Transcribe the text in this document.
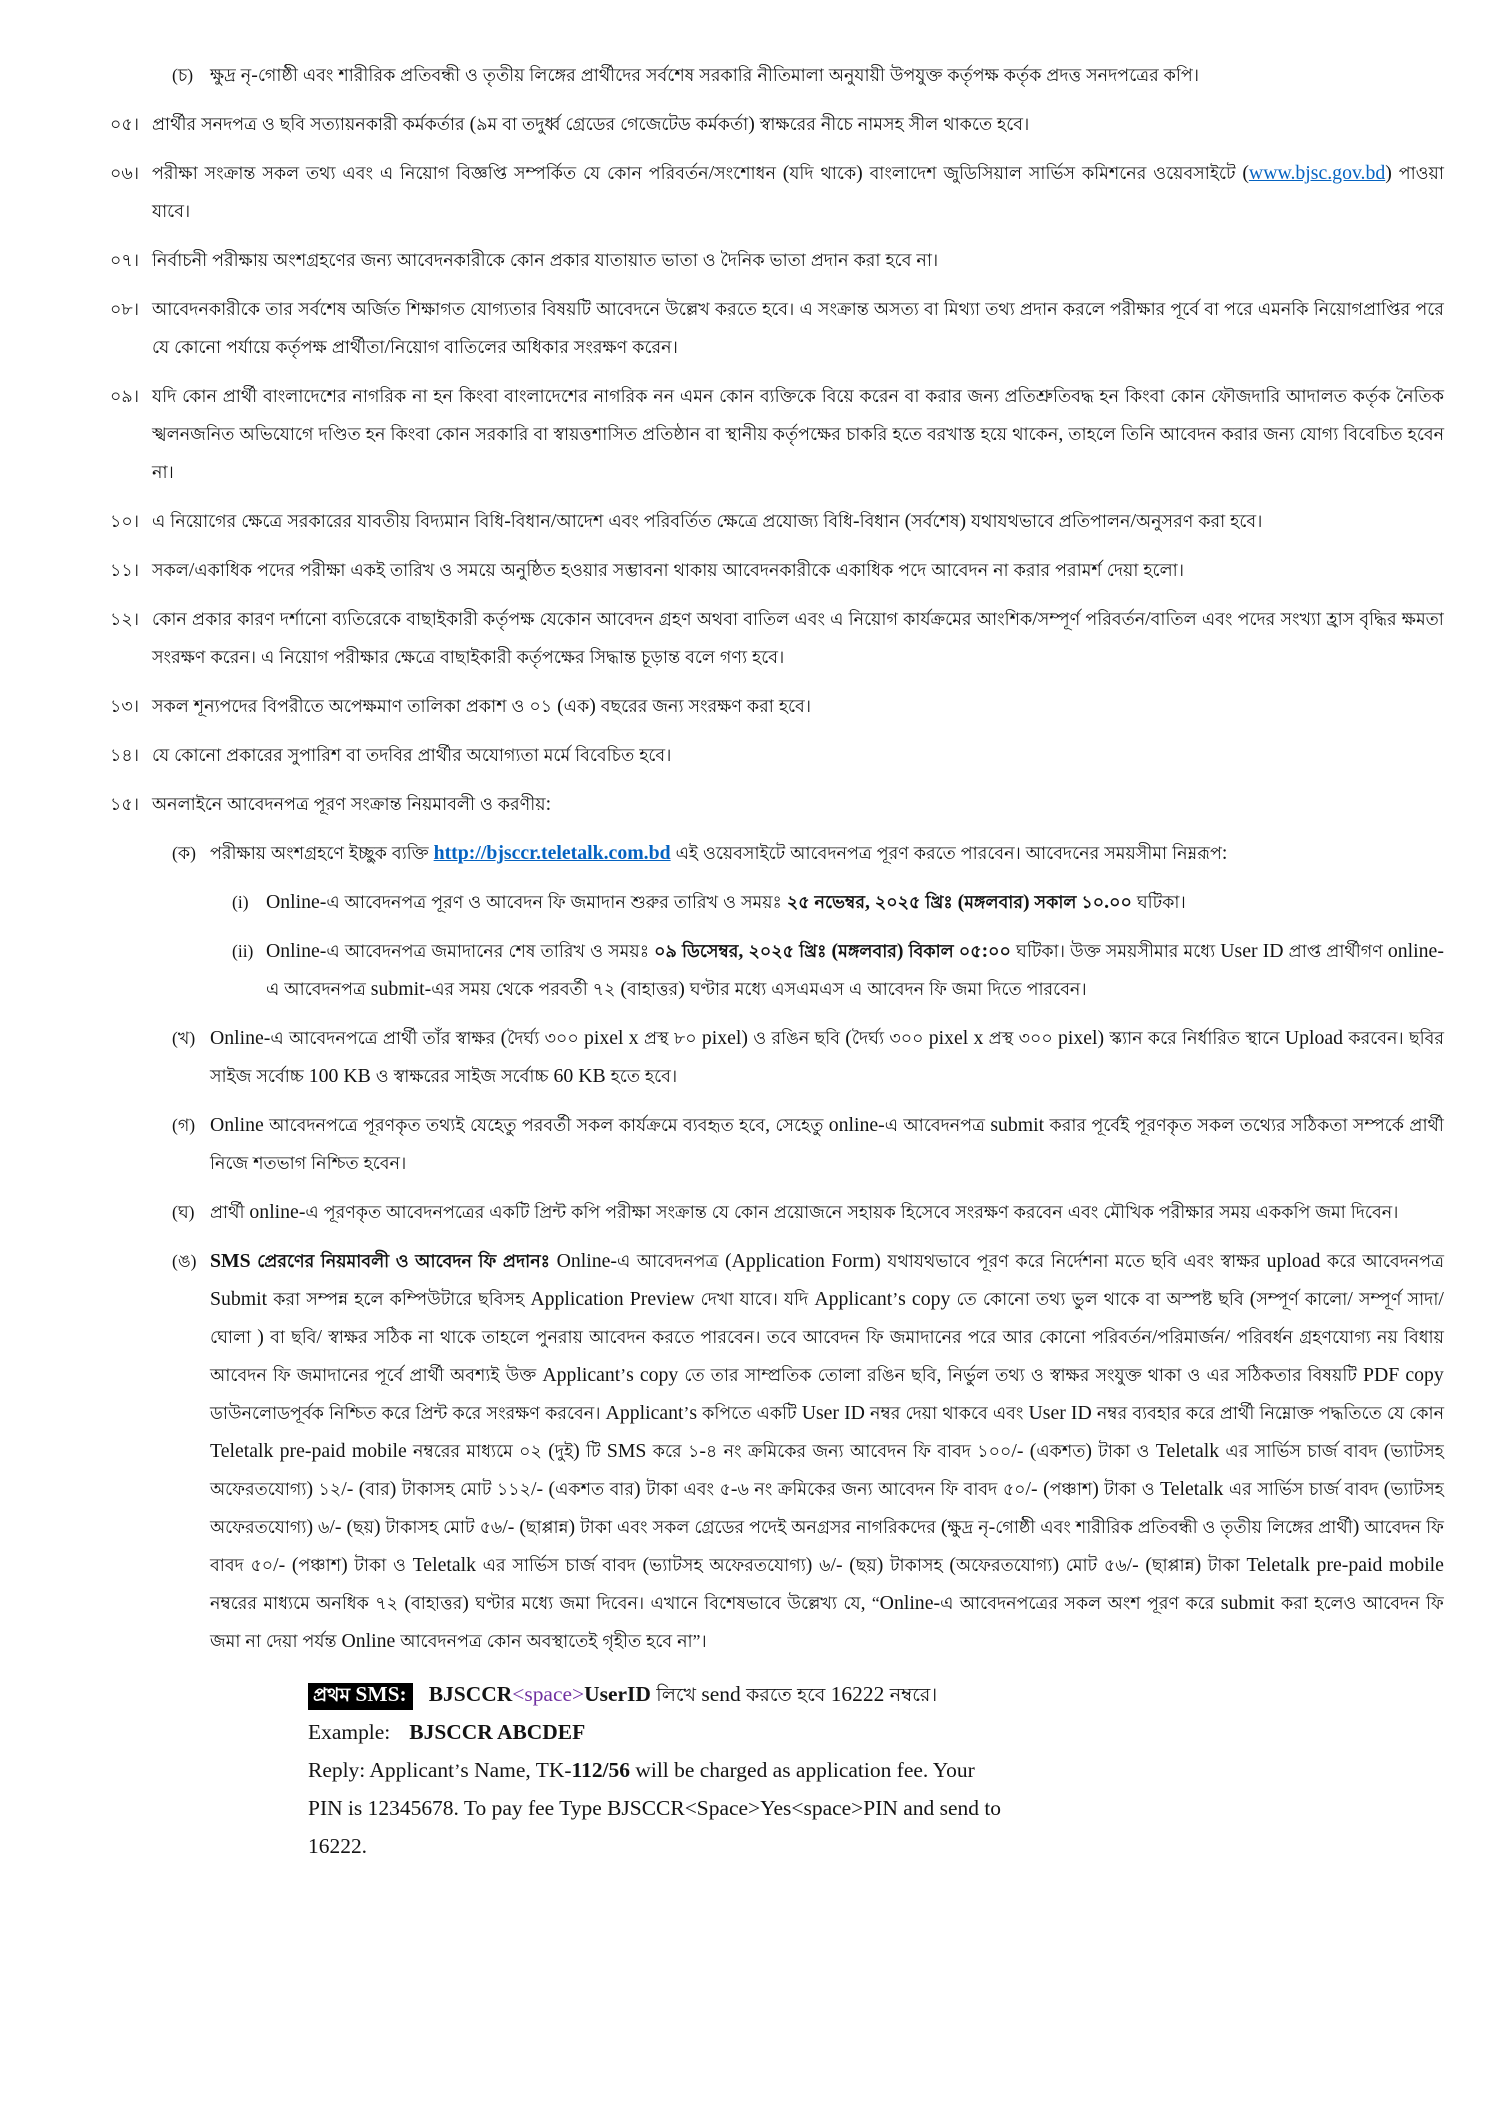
(চ) ক্ষুদ্র নৃ-গোষ্ঠী এবং শারীরিক প্রতিবন্ধী ও তৃতীয় লিঙ্গের প্রার্থীদের সর্বশেষ সরকারি নীতিমালা অনুযায়ী উপযুক্ত কর্তৃপক্ষ কর্তৃক প্রদত্ত সনদপত্রের কপি।
০৫। প্রার্থীর সনদপত্র ও ছবি সত্যায়নকারী কর্মকর্তার (৯ম বা তদুর্ধ্ব গ্রেডের গেজেটেড কর্মকর্তা) স্বাক্ষরের নীচে নামসহ সীল থাকতে হবে।
০৬। পরীক্ষা সংক্রান্ত সকল তথ্য এবং এ নিয়োগ বিজ্ঞপ্তি সম্পর্কিত যে কোন পরিবর্তন/সংশোধন (যদি থাকে) বাংলাদেশ জুডিসিয়াল সার্ভিস কমিশনের ওয়েবসাইটে (www.bjsc.gov.bd) পাওয়া যাবে।
০৭। নির্বাচনী পরীক্ষায় অংশগ্রহণের জন্য আবেদনকারীকে কোন প্রকার যাতায়াত ভাতা ও দৈনিক ভাতা প্রদান করা হবে না।
০৮। আবেদনকারীকে তার সর্বশেষ অর্জিত শিক্ষাগত যোগ্যতার বিষয়টি আবেদনে উল্লেখ করতে হবে। এ সংক্রান্ত অসত্য বা মিথ্যা তথ্য প্রদান করলে পরীক্ষার পূর্বে বা পরে এমনকি নিয়োগপ্রাপ্তির পরে যে কোনো পর্যায়ে কর্তৃপক্ষ প্রার্থীতা/নিয়োগ বাতিলের অধিকার সংরক্ষণ করেন।
০৯। যদি কোন প্রার্থী বাংলাদেশের নাগরিক না হন কিংবা বাংলাদেশের নাগরিক নন এমন কোন ব্যক্তিকে বিয়ে করেন বা করার জন্য প্রতিশ্রুতিবদ্ধ হন কিংবা কোন ফৌজদারি আদালত কর্তৃক নৈতিক স্খলনজনিত অভিযোগে দণ্ডিত হন কিংবা কোন সরকারি বা স্বায়ত্তশাসিত প্রতিষ্ঠান বা স্থানীয় কর্তৃপক্ষের চাকরি হতে বরখাস্ত হয়ে থাকেন, তাহলে তিনি আবেদন করার জন্য যোগ্য বিবেচিত হবেন না।
১০। এ নিয়োগের ক্ষেত্রে সরকারের যাবতীয় বিদ্যমান বিধি-বিধান/আদেশ এবং পরিবর্তিত ক্ষেত্রে প্রযোজ্য বিধি-বিধান (সর্বশেষ) যথাযথভাবে প্রতিপালন/অনুসরণ করা হবে।
১১। সকল/একাধিক পদের পরীক্ষা একই তারিখ ও সময়ে অনুষ্ঠিত হওয়ার সম্ভাবনা থাকায় আবেদনকারীকে একাধিক পদে আবেদন না করার পরামর্শ দেয়া হলো।
১২। কোন প্রকার কারণ দর্শানো ব্যতিরেকে বাছাইকারী কর্তৃপক্ষ যেকোন আবেদন গ্রহণ অথবা বাতিল এবং এ নিয়োগ কার্যক্রমের আংশিক/সম্পূর্ণ পরিবর্তন/বাতিল এবং পদের সংখ্যা হ্রাস বৃদ্ধির ক্ষমতা সংরক্ষণ করেন। এ নিয়োগ পরীক্ষার ক্ষেত্রে বাছাইকারী কর্তৃপক্ষের সিদ্ধান্ত চূড়ান্ত বলে গণ্য হবে।
১৩। সকল শূন্যপদের বিপরীতে অপেক্ষমাণ তালিকা প্রকাশ ও ০১ (এক) বছরের জন্য সংরক্ষণ করা হবে।
১৪। যে কোনো প্রকারের সুপারিশ বা তদবির প্রার্থীর অযোগ্যতা মর্মে বিবেচিত হবে।
১৫। অনলাইনে আবেদনপত্র পূরণ সংক্রান্ত নিয়মাবলী ও করণীয়:
(ক) পরীক্ষায় অংশগ্রহণে ইচ্ছুক ব্যক্তি http://bjsccr.teletalk.com.bd এই ওয়েবসাইটে আবেদনপত্র পূরণ করতে পারবেন। আবেদনের সময়সীমা নিম্নরূপ:
(i) Online-এ আবেদনপত্র পূরণ ও আবেদন ফি জমাদান শুরুর তারিখ ও সময়ঃ ২৫ নভেম্বর, ২০২৫ খ্রিঃ (মঙ্গলবার) সকাল ১০.০০ ঘটিকা।
(ii) Online-এ আবেদনপত্র জমাদানের শেষ তারিখ ও সময়ঃ ০৯ ডিসেম্বর, ২০২৫ খ্রিঃ (মঙ্গলবার) বিকাল ০৫:০০ ঘটিকা। উক্ত সময়সীমার মধ্যে User ID প্রাপ্ত প্রার্থীগণ online-এ আবেদনপত্র submit-এর সময় থেকে পরবর্তী ৭২ (বাহাত্তর) ঘণ্টার মধ্যে এসএমএস এ আবেদন ফি জমা দিতে পারবেন।
(খ) Online-এ আবেদনপত্রে প্রার্থী তাঁর স্বাক্ষর (দৈর্ঘ্য ৩০০ pixel x প্রস্থ ৮০ pixel) ও রঙিন ছবি (দৈর্ঘ্য ৩০০ pixel x প্রস্থ ৩০০ pixel) স্ক্যান করে নির্ধারিত স্থানে Upload করবেন। ছবির সাইজ সর্বোচ্চ 100 KB ও স্বাক্ষরের সাইজ সর্বোচ্চ 60 KB হতে হবে।
(গ) Online আবেদনপত্রে পূরণকৃত তথ্যই যেহেতু পরবর্তী সকল কার্যক্রমে ব্যবহৃত হবে, সেহেতু online-এ আবেদনপত্র submit করার পূর্বেই পূরণকৃত সকল তথ্যের সঠিকতা সম্পর্কে প্রার্থী নিজে শতভাগ নিশ্চিত হবেন।
(ঘ) প্রার্থী online-এ পূরণকৃত আবেদনপত্রের একটি প্রিন্ট কপি পরীক্ষা সংক্রান্ত যে কোন প্রয়োজনে সহায়ক হিসেবে সংরক্ষণ করবেন এবং মৌখিক পরীক্ষার সময় এককপি জমা দিবেন।
(ঙ) SMS প্রেরণের নিয়মাবলী ও আবেদন ফি প্রদানঃ Online-এ আবেদনপত্র (Application Form) যথাযথভাবে পূরণ করে নির্দেশনা মতে ছবি এবং স্বাক্ষর upload করে আবেদনপত্র Submit করা সম্পন্ন হলে কম্পিউটারে ছবিসহ Application Preview দেখা যাবে। যদি Applicant’s copy তে কোনো তথ্য ভুল থাকে বা অস্পষ্ট ছবি (সম্পূর্ণ কালো/ সম্পূর্ণ সাদা/ঘোলা ) বা ছবি/ স্বাক্ষর সঠিক না থাকে তাহলে পুনরায় আবেদন করতে পারবেন। তবে আবেদন ফি জমাদানের পরে আর কোনো পরিবর্তন/পরিমার্জন/ পরিবর্ধন গ্রহণযোগ্য নয় বিধায় আবেদন ফি জমাদানের পূর্বে প্রার্থী অবশ্যই উক্ত Applicant’s copy তে তার সাম্প্রতিক তোলা রঙিন ছবি, নির্ভুল তথ্য ও স্বাক্ষর সংযুক্ত থাকা ও এর সঠিকতার বিষয়টি PDF copy ডাউনলোডপূর্বক নিশ্চিত করে প্রিন্ট করে সংরক্ষণ করবেন। Applicant’s কপিতে একটি User ID নম্বর দেয়া থাকবে এবং User ID নম্বর ব্যবহার করে প্রার্থী নিম্নোক্ত পদ্ধতিতে যে কোন Teletalk pre-paid mobile নম্বরের মাধ্যমে ০২ (দুই) টি SMS করে ১-৪ নং ক্রমিকের জন্য আবেদন ফি বাবদ ১০০/- (একশত) টাকা ও Teletalk এর সার্ভিস চার্জ বাবদ (ভ্যাটসহ অফেরতযোগ্য) ১২/- (বার) টাকাসহ মোট ১১২/- (একশত বার) টাকা এবং ৫-৬ নং ক্রমিকের জন্য আবেদন ফি বাবদ ৫০/- (পঞ্চাশ) টাকা ও Teletalk এর সার্ভিস চার্জ বাবদ (ভ্যাটসহ অফেরতযোগ্য) ৬/- (ছয়) টাকাসহ মোট ৫৬/- (ছাপ্পান্ন) টাকা এবং সকল গ্রেডের পদেই অনগ্রসর নাগরিকদের (ক্ষুদ্র নৃ-গোষ্ঠী এবং শারীরিক প্রতিবন্ধী ও তৃতীয় লিঙ্গের প্রার্থী) আবেদন ফি বাবদ ৫০/- (পঞ্চাশ) টাকা ও Teletalk এর সার্ভিস চার্জ বাবদ (ভ্যাটসহ অফেরতযোগ্য) ৬/- (ছয়) টাকাসহ (অফেরতযোগ্য) মোট ৫৬/- (ছাপ্পান্ন) টাকা Teletalk pre-paid mobile নম্বরের মাধ্যমে অনধিক ৭২ (বাহাত্তর) ঘণ্টার মধ্যে জমা দিবেন। এখানে বিশেষভাবে উল্লেখ্য যে, “Online-এ আবেদনপত্রের সকল অংশ পূরণ করে submit করা হলেও আবেদন ফি জমা না দেয়া পর্যন্ত Online আবেদনপত্র কোন অবস্থাতেই গৃহীত হবে না”।
প্রথম SMS: BJSCCR<space>UserID লিখে send করতে হবে 16222 নম্বরে।
Example: BJSCCR ABCDEF
Reply: Applicant’s Name, TK-112/56 will be charged as application fee. Your PIN is 12345678. To pay fee Type BJSCCR<Space>Yes<space>PIN and send to 16222.
